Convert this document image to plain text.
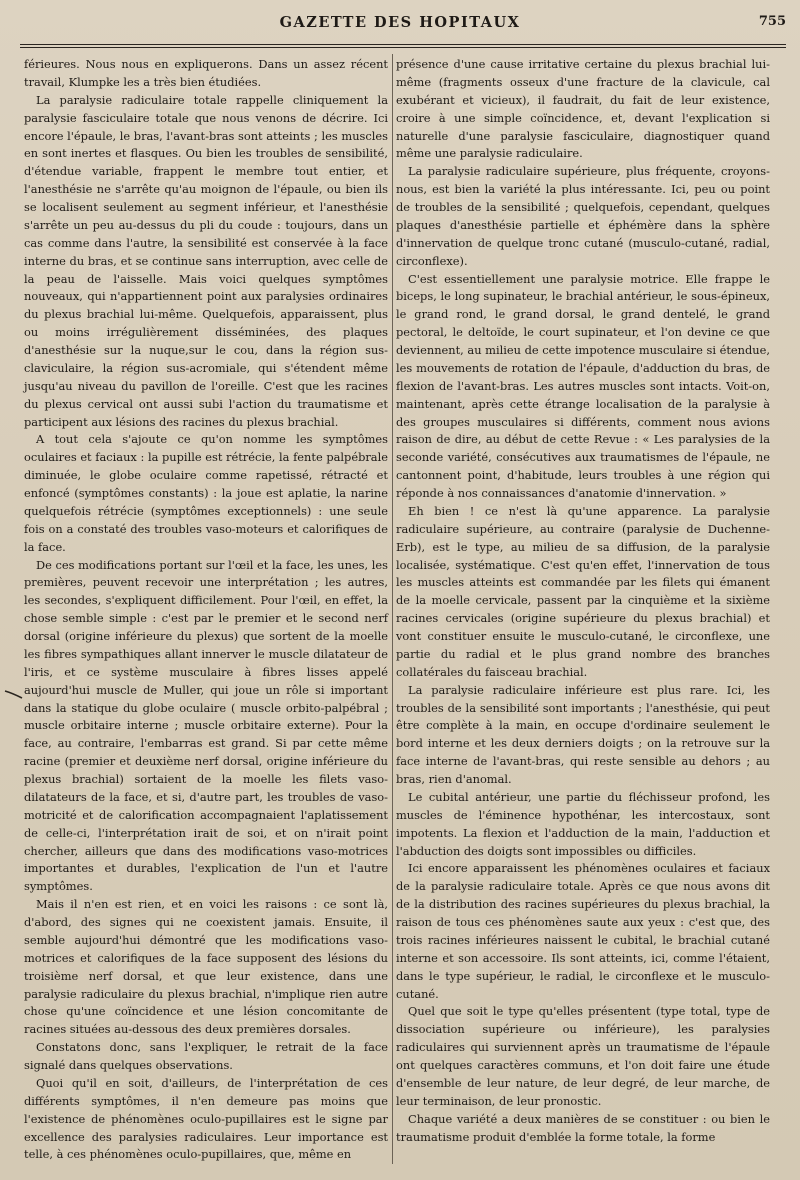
GAZETTE DES HOPITAUX	755

férieures. Nous nous en expliquerons. Dans un assez récent travail, Klumpke les a très bien étudiées.

La paralysie radiculaire totale rappelle cliniquement la paralysie fasciculaire totale que nous venons de décrire. Ici encore l'épaule, le bras, l'avant-bras sont atteints ; les muscles en sont inertes et flasques. Ou bien les troubles de sensibilité, d'étendue variable, frappent le membre tout entier, et l'anesthésie ne s'arrête qu'au moignon de l'épaule, ou bien ils se localisent seulement au segment inférieur, et l'anesthésie s'arrête un peu au-dessus du pli du coude : toujours, dans un cas comme dans l'autre, la sensibilité est conservée à la face interne du bras, et se continue sans interruption, avec celle de la peau de l'aisselle. Mais voici quelques symptômes nouveaux, qui n'appartiennent point aux paralysies ordinaires du plexus brachial lui-même. Quelquefois, apparaissent, plus ou moins irrégulièrement disséminées, des plaques d'anesthésie sur la nuque,sur le cou, dans la région sus-claviculaire, la région sus-acromiale, qui s'étendent même jusqu'au niveau du pavillon de l'oreille. C'est que les racines du plexus cervical ont aussi subi l'action du traumatisme et participent aux lésions des racines du plexus brachial.

A tout cela s'ajoute ce qu'on nomme les symptômes oculaires et faciaux : la pupille est rétrécie, la fente palpébrale diminuée, le globe oculaire comme rapetissé, rétracté et enfoncé (symptômes constants) : la joue est aplatie, la narine quelquefois rétrécie (symptômes exceptionnels) : une seule fois on a constaté des troubles vaso-moteurs et calorifiques de la face.

De ces modifications portant sur l'œil et la face, les unes, les premières, peuvent recevoir une interprétation ; les autres, les secondes, s'expliquent difficilement. Pour l'œil, en effet, la chose semble simple : c'est par le premier et le second nerf dorsal (origine inférieure du plexus) que sortent de la moelle les fibres sympathiques allant innerver le muscle dilatateur de l'iris, et ce système musculaire à fibres lisses appelé aujourd'hui muscle de Muller, qui joue un rôle si important dans la statique du globe oculaire ( muscle orbito-palpébral ; muscle orbitaire interne ; muscle orbitaire externe). Pour la face, au contraire, l'embarras est grand. Si par cette même racine (premier et deuxième nerf dorsal, origine inférieure du plexus brachial) sortaient de la moelle les filets vaso-dilatateurs de la face, et si, d'autre part, les troubles de vaso-motricité et de calorification accompagnaient l'aplatissement de celle-ci, l'interprétation irait de soi, et on n'irait point chercher, ailleurs que dans des modifications vaso-motrices importantes et durables, l'explication de l'un et l'autre symptômes.

Mais il n'en est rien, et en voici les raisons : ce sont là, d'abord, des signes qui ne coexistent jamais. Ensuite, il semble aujourd'hui démontré que les modifications vaso-motrices et calorifiques de la face supposent des lésions du troisième nerf dorsal, et que leur existence, dans une paralysie radiculaire du plexus brachial, n'implique rien autre chose qu'une coïncidence et une lésion concomitante de racines situées au-dessous des deux premières dorsales.

Constatons donc, sans l'expliquer, le retrait de la face signalé dans quelques observations.

Quoi qu'il en soit, d'ailleurs, de l'interprétation de ces différents symptômes, il n'en demeure pas moins que l'existence de phénomènes oculo-pupillaires est le signe par excellence des paralysies radiculaires. Leur importance est telle, à ces phénomènes oculo-pupillaires, que, même en

présence d'une cause irritative certaine du plexus brachial lui-même (fragments osseux d'une fracture de la clavicule, cal exubérant et vicieux), il faudrait, du fait de leur existence, croire à une simple coïncidence, et, devant l'explication si naturelle d'une paralysie fasciculaire, diagnostiquer quand même une paralysie radiculaire.

La paralysie radiculaire supérieure, plus fréquente, croyons-nous, est bien la variété la plus intéressante. Ici, peu ou point de troubles de la sensibilité ; quelquefois, cependant, quelques plaques d'anesthésie partielle et éphémère dans la sphère d'innervation de quelque tronc cutané (musculo-cutané, radial, circonflexe).

C'est essentiellement une paralysie motrice. Elle frappe le biceps, le long supinateur, le brachial antérieur, le sous-épineux, le grand rond, le grand dorsal, le grand dentelé, le grand pectoral, le deltoïde, le court supinateur, et l'on devine ce que deviennent, au milieu de cette impotence musculaire si étendue, les mouvements de rotation de l'épaule, d'adduction du bras, de flexion de l'avant-bras. Les autres muscles sont intacts. Voit-on, maintenant, après cette étrange localisation de la paralysie à des groupes musculaires si différents, comment nous avions raison de dire, au début de cette Revue : « Les paralysies de la seconde variété, consécutives aux traumatismes de l'épaule, ne cantonnent point, d'habitude, leurs troubles à une région qui réponde à nos connaissances d'anatomie d'innervation. »

Eh bien ! ce n'est là qu'une apparence. La paralysie radiculaire supérieure, au contraire (paralysie de Duchenne-Erb), est le type, au milieu de sa diffusion, de la paralysie localisée, systématique. C'est qu'en effet, l'innervation de tous les muscles atteints est commandée par les filets qui émanent de la moelle cervicale, passent par la cinquième et la sixième racines cervicales (origine supérieure du plexus brachial) et vont constituer ensuite le musculo-cutané, le circonflexe, une partie du radial et le plus grand nombre des branches collatérales du faisceau brachial.

La paralysie radiculaire inférieure est plus rare. Ici, les troubles de la sensibilité sont importants ; l'anesthésie, qui peut être complète à la main, en occupe d'ordinaire seulement le bord interne et les deux derniers doigts ; on la retrouve sur la face interne de l'avant-bras, qui reste sensible au dehors ; au bras, rien d'anomal.

Le cubital antérieur, une partie du fléchisseur profond, les muscles de l'éminence hypothénar, les intercostaux, sont impotents. La flexion et l'adduction de la main, l'adduction et l'abduction des doigts sont impossibles ou difficiles.

Ici encore apparaissent les phénomènes oculaires et faciaux de la paralysie radiculaire totale. Après ce que nous avons dit de la distribution des racines supérieures du plexus brachial, la raison de tous ces phénomènes saute aux yeux : c'est que, des trois racines inférieures naissent le cubital, le brachial cutané interne et son accessoire. Ils sont atteints, ici, comme l'étaient, dans le type supérieur, le radial, le circonflexe et le musculo-cutané.

Quel que soit le type qu'elles présentent (type total, type de dissociation supérieure ou inférieure), les paralysies radiculaires qui surviennent après un traumatisme de l'épaule ont quelques caractères communs, et l'on doit faire une étude d'ensemble de leur nature, de leur degré, de leur marche, de leur terminaison, de leur pronostic.

Chaque variété a deux manières de se constituer : ou bien le traumatisme produit d'emblée la forme totale, la forme
